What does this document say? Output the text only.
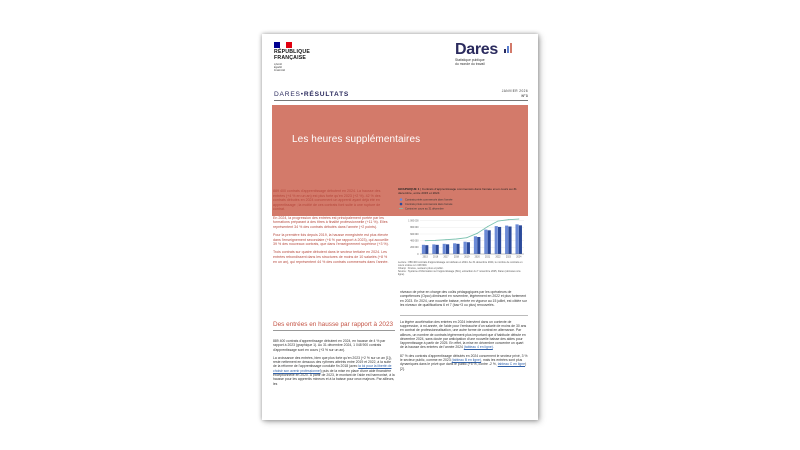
RÉPUBLIQUE
FRANÇAISE
Liberté
Égalité
Fraternité
Dares
Statistique publique
du monde du travail
DARES•RÉSULTATS	JANVIER 2026
N°3
Les heures supplémentaires

889 400 contrats d'apprentissage débutent en 2024. La hausse des entrées (+4 % en un an) est plus forte qu'en 2023 (+2 %). 42 % des contrats débutés en 2024 concernent un apprenti ayant déjà été en apprentissage ; la moitié de ces contrats font suite à une rupture de contrat.

En 2024, la progression des entrées est principalement portée par les formations préparant à des titres à finalité professionnelle (+11 %). Elles représentent 34 % des contrats débutés dans l'année (+2 points).

Pour la première fois depuis 2019, la hausse enregistrée est plus élevée dans l'enseignement secondaire (+6 % par rapport à 2023), qui accueille 39 % des nouveaux contrats, que dans l'enseignement supérieur (+3 %).

Trois contrats sur quatre débutent dans le secteur tertiaire en 2024. Les entrées rebondissent dans les structures de moins de 10 salariés (+8 % en un an), qui représentent 44 % des contrats commencés dans l'année.

GRAPHIQUE 1 | Contrats d'apprentissage commencés dans l'année et en cours au 31 décembre, entre 2015 et 2024
Contrats privés commencés dans l'année
Contrats privés commencés dans l'année
Contrat en cours au 31 décembre
0
200 000
400 000
600 000
800 000
1 000 000
2015	2016	2017	2018	2019	2020	2021	2022	2023	2024
Lecture : 889 400 contrats d'apprentissage ont débuté en 2024. Au 31 décembre 2024, le nombre de contrats en cours s'élève à 1 048 900.
Champ : France, secteurs privé et public.
Source : Système d'information sur l'apprentissage (SIA), extraction du 7 novembre 2025, Dares (données à la ligne).
Des entrées en hausse par rapport à 2023
889 400 contrats d'apprentissage débutent en 2024, en hausse de 4 % par rapport à 2023 (graphique 1). Au 31 décembre 2024, 1 048 900 contrats d'apprentissage sont en cours (+3 % sur un an).
La croissance des entrées, bien que plus forte qu'en 2023 (+2 % sur un an [1]), reste nettement en dessous des rythmes atteints entre 2019 et 2022, à la suite de la réforme de l'apprentissage conduite fin 2018 (avec la loi pour la liberté de choisir son avenir professionnel) puis de la mise en place d'une aide financière exceptionnelle en 2020. À partir de 2023, le montant de l'aide est harmonisé, à la hausse pour les apprentis mineurs et à la baisse pour ceux majeurs. Par ailleurs, les
niveaux de prise en charge des coûts pédagogiques par les opérateurs de compétences (Opco) diminuent en novembre, légèrement en 2022 et plus fortement en 2023. En 2024, une nouvelle baisse, entrée en vigueur au 15 juillet, est ciblée sur les niveaux de qualifications 6 et 7 (bac+3 ou plus) renouvelés.
La légère accélération des entrées en 2024 intervient dans un contexte de suppression, à mi-année, de l'aide pour l'embauche d'un salarié de moins de 30 ans en contrat de professionnalisation, une autre forme de contrat en alternance. Par ailleurs, un nombre de contrats légèrement plus important que d'habitude débute en décembre 2024, sans doute par anticipation d'une nouvelle baisse des aides pour l'apprentissage à partir de 2025. En effet, la mise en décembre concentre un quart de la hausse des entrées de l'année 2024 (tableau 4 en ligne).
87 % des contrats d'apprentissage débutés en 2024 concernent le secteur privé, 3 % le secteur public, comme en 2023 (tableau B en ligne), mais les entrées sont plus dynamiques dans le privé que dans le public (+5 %, contre -2 %, tableau C en ligne) [2].
